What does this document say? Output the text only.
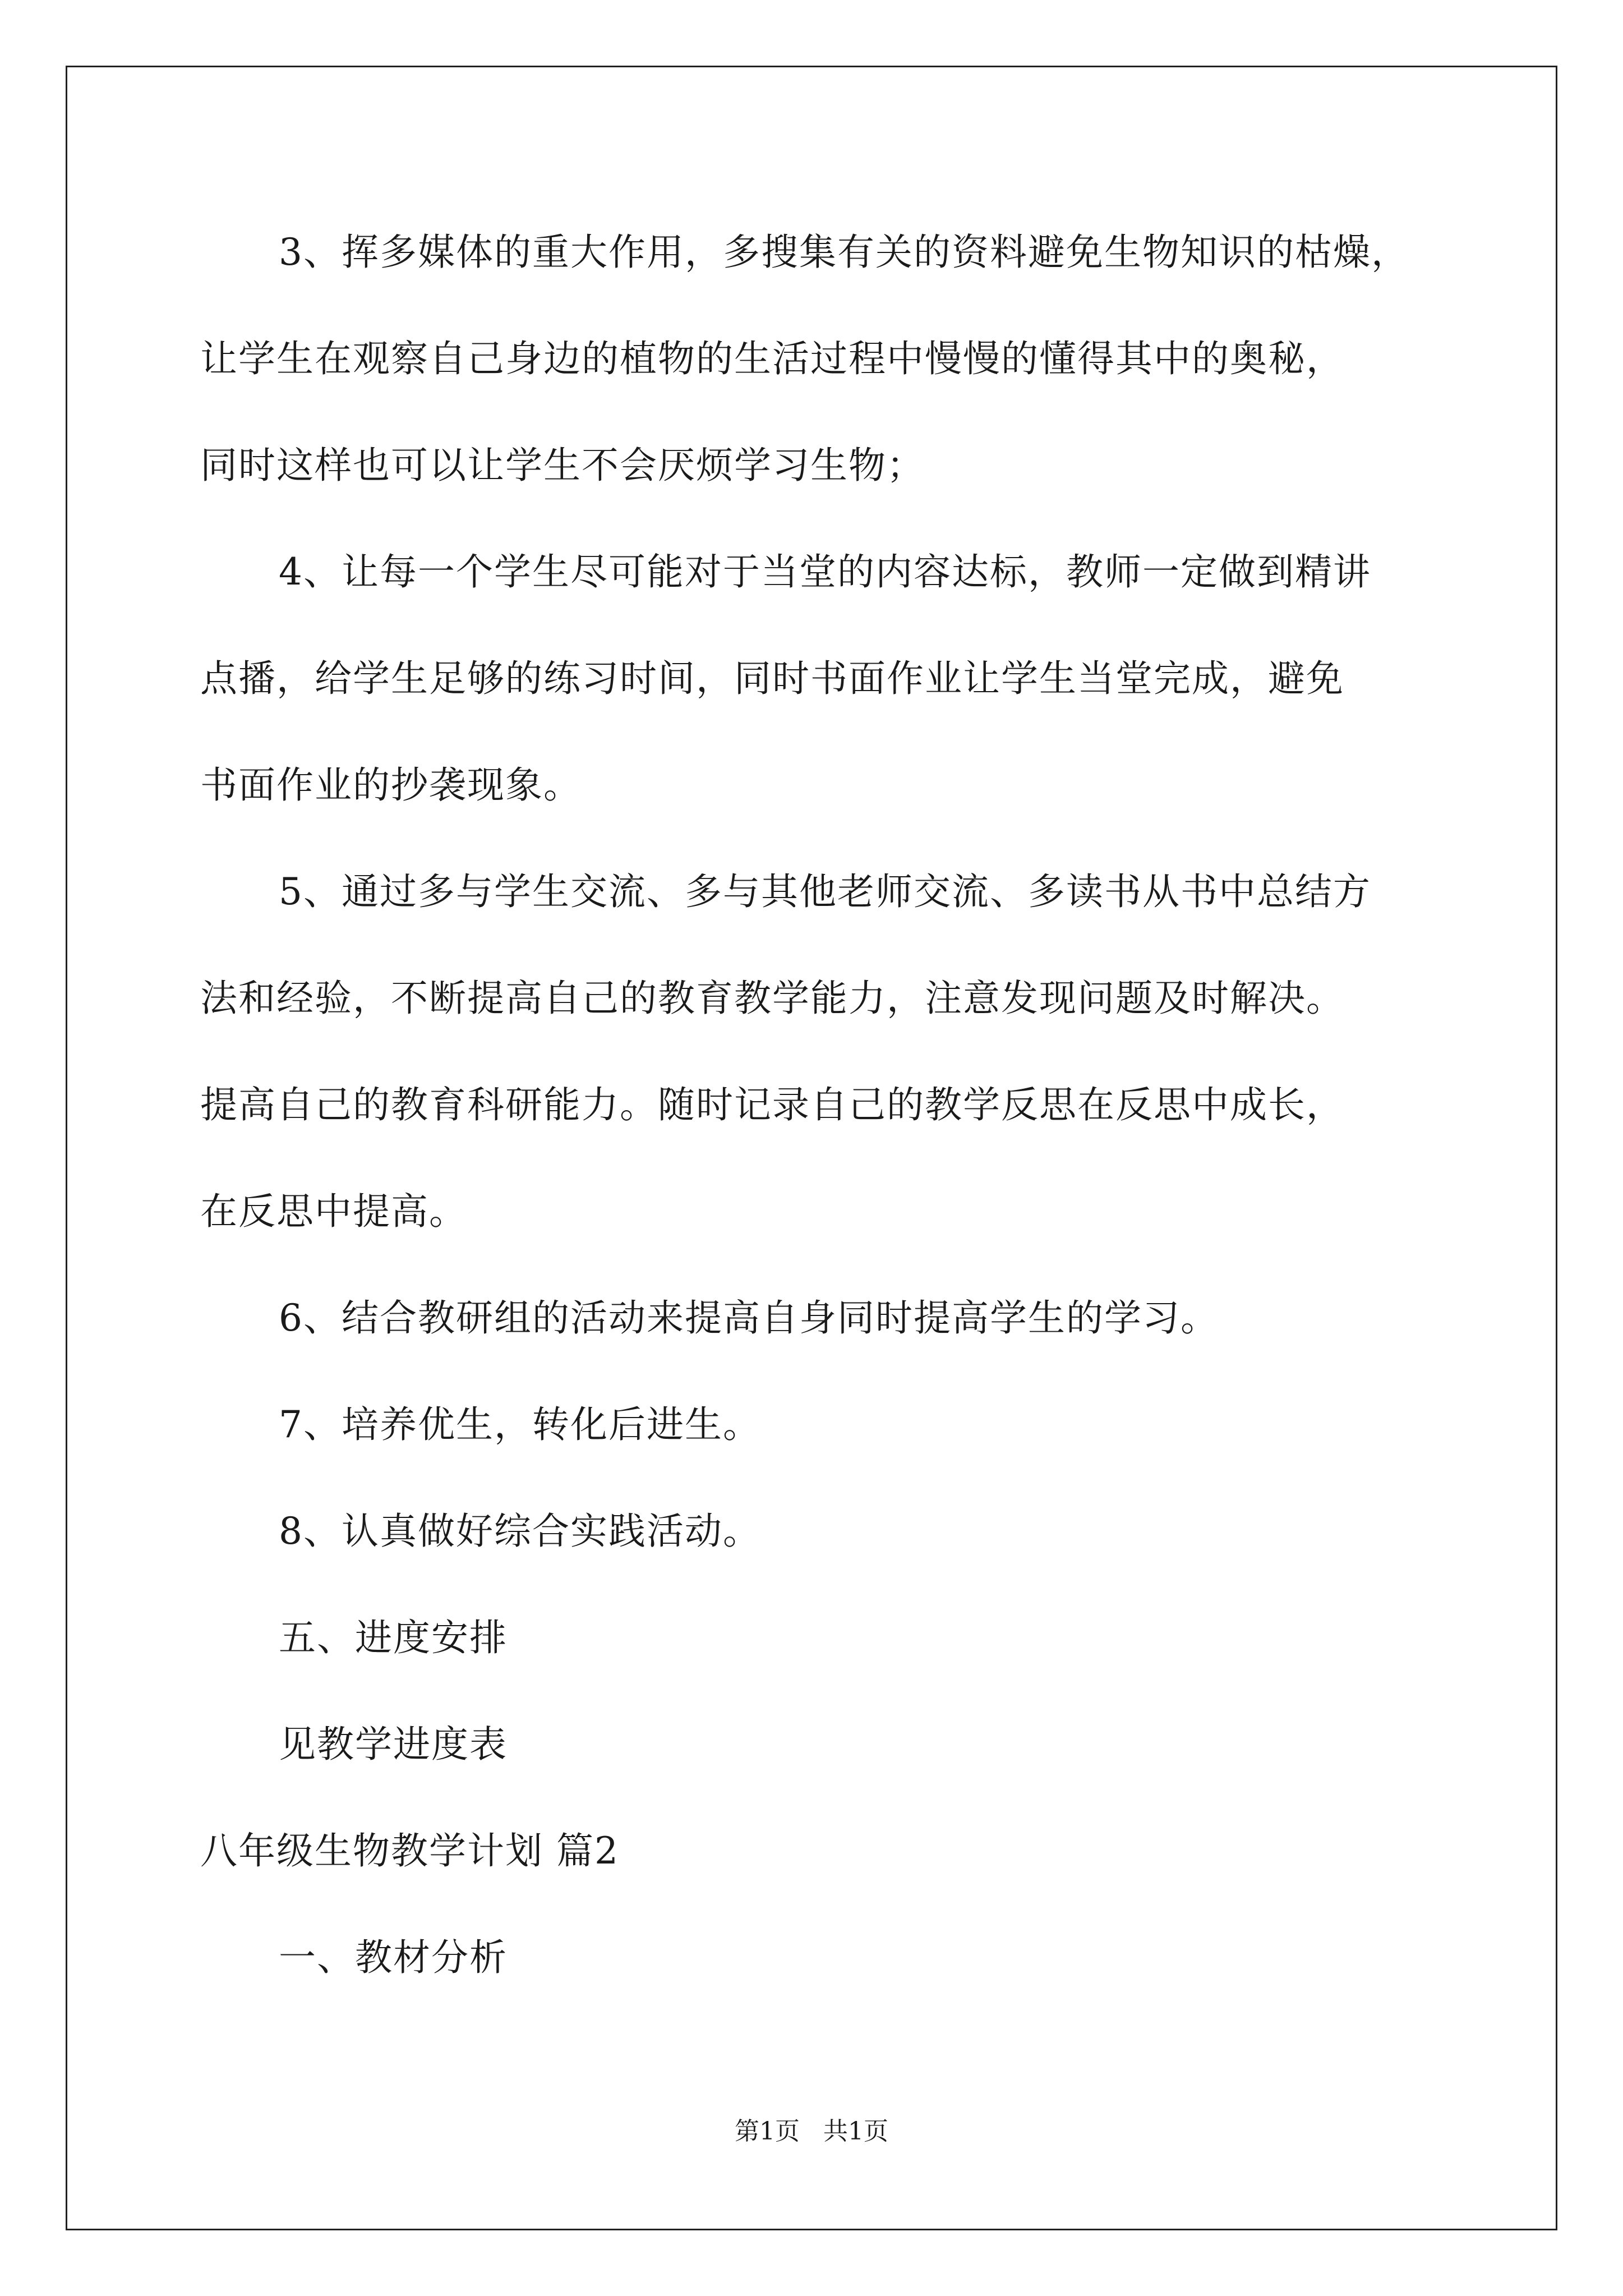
3、挥多媒体的重大作用，多搜集有关的资料避免生物知识的枯燥，
让学生在观察自己身边的植物的生活过程中慢慢的懂得其中的奥秘，
同时这样也可以让学生不会厌烦学习生物；
4、让每一个学生尽可能对于当堂的内容达标，教师一定做到精讲
点播，给学生足够的练习时间，同时书面作业让学生当堂完成，避免
书面作业的抄袭现象。
5、通过多与学生交流、多与其他老师交流、多读书从书中总结方
法和经验，不断提高自己的教育教学能力，注意发现问题及时解决。
提高自己的教育科研能力。随时记录自己的教学反思在反思中成长，
在反思中提高。
6、结合教研组的活动来提高自身同时提高学生的学习。
7、培养优生，转化后进生。
8、认真做好综合实践活动。
五、进度安排
见教学进度表
八年级生物教学计划 篇2
一、教材分析
第1页   共1页
